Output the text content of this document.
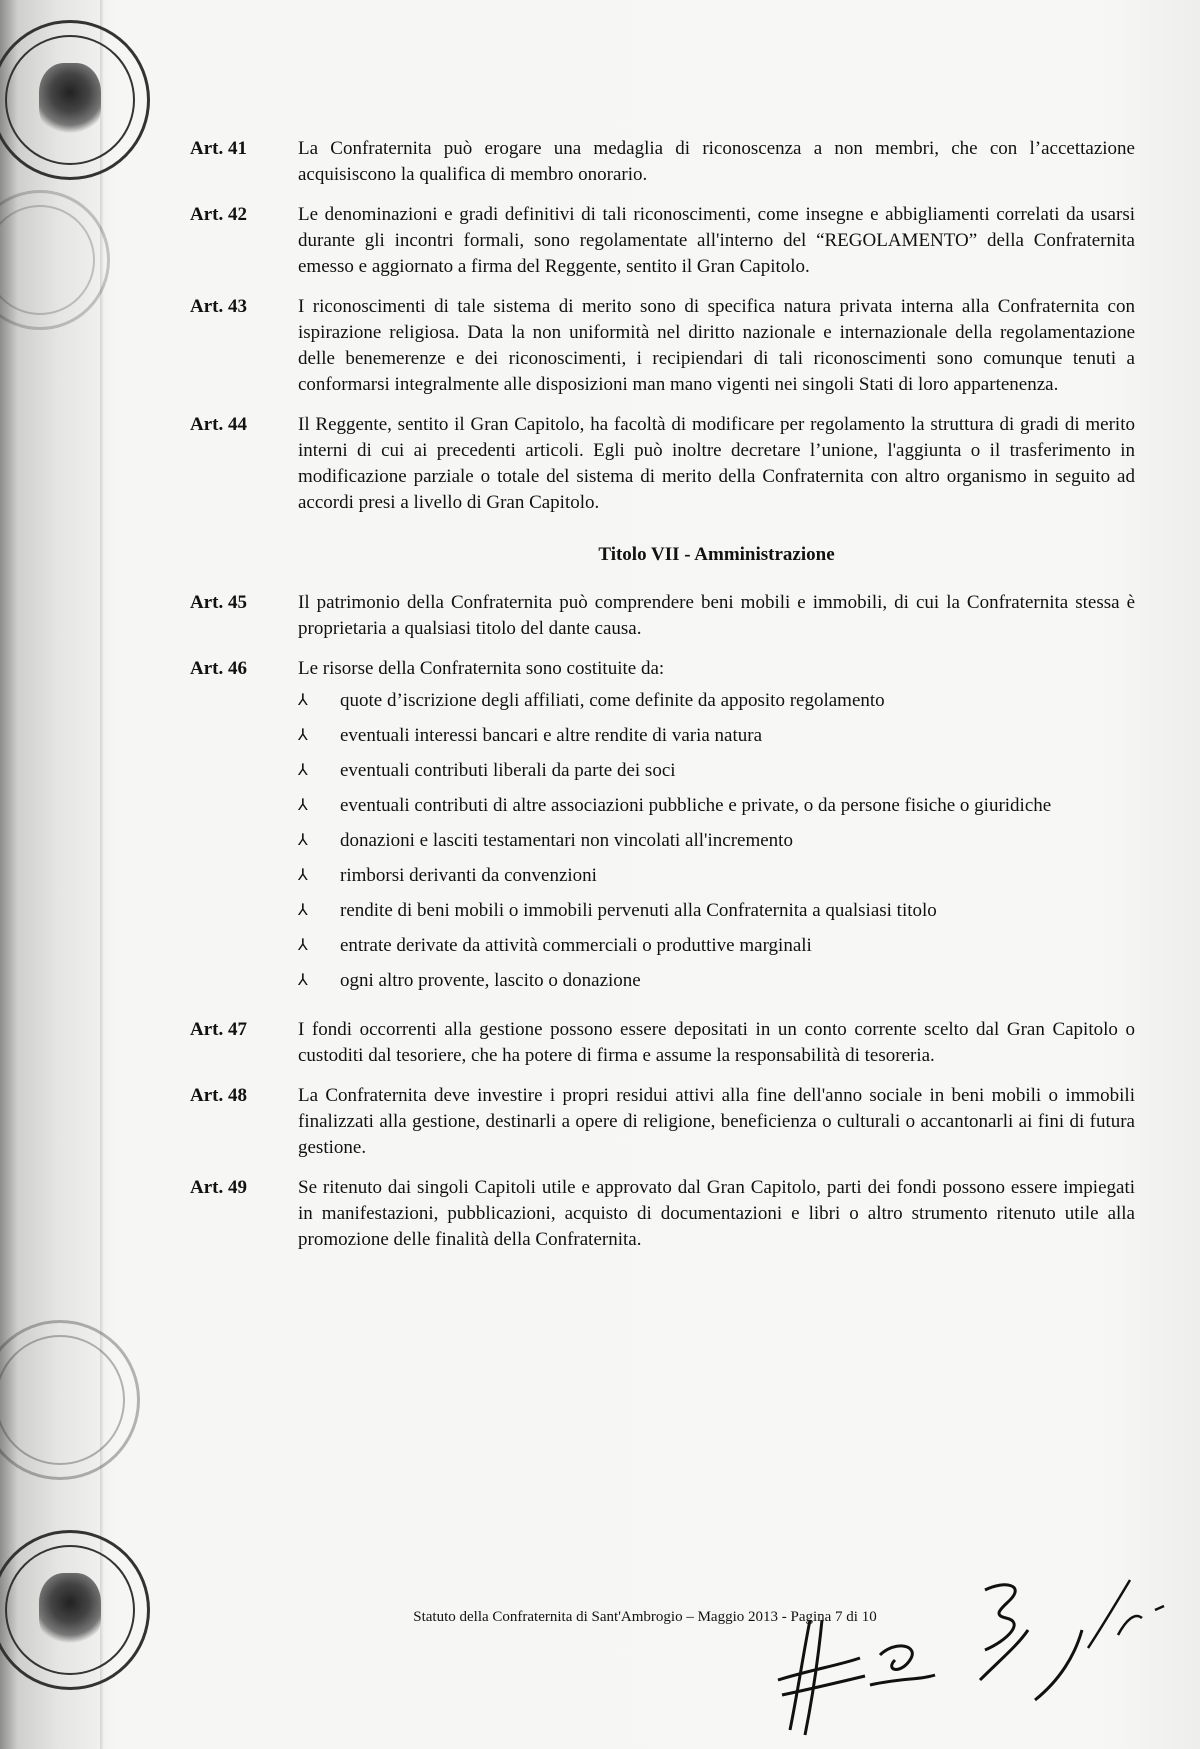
Art. 41	La Confraternita può erogare una medaglia di riconoscenza a non membri, che con l’accettazione acquisiscono la qualifica di membro onorario.
Art. 42	Le denominazioni e gradi definitivi di tali riconoscimenti, come insegne e abbigliamenti correlati da usarsi durante gli incontri formali, sono regolamentate all'interno del “REGOLAMENTO” della Confraternita emesso e aggiornato a firma del Reggente, sentito il Gran Capitolo.
Art. 43	I riconoscimenti di tale sistema di merito sono di specifica natura privata interna alla Confraternita con ispirazione religiosa. Data la non uniformità nel diritto nazionale e internazionale della regolamentazione delle benemerenze e dei riconoscimenti, i recipiendari di tali riconoscimenti sono comunque tenuti a conformarsi integralmente alle disposizioni man mano vigenti nei singoli Stati di loro appartenenza.
Art. 44	Il Reggente, sentito il Gran Capitolo, ha facoltà di modificare per regolamento la struttura di gradi di merito interni di cui ai precedenti articoli. Egli può inoltre decretare l’unione, l'aggiunta o il trasferimento in modificazione parziale o totale del sistema di merito della Confraternita con altro organismo in seguito ad accordi presi a livello di Gran Capitolo.
Titolo VII - Amministrazione
Art. 45	Il patrimonio della Confraternita può comprendere beni mobili e immobili, di cui la Confraternita stessa è proprietaria a qualsiasi titolo del dante causa.
Art. 46	Le risorse della Confraternita sono costituite da:
⅄	quote d’iscrizione degli affiliati, come definite da apposito regolamento
⅄	eventuali interessi bancari e altre rendite di varia natura
⅄	eventuali contributi liberali da parte dei soci
⅄	eventuali contributi di altre associazioni pubbliche e private, o da persone fisiche o giuridiche
⅄	donazioni e lasciti testamentari non vincolati all'incremento
⅄	rimborsi derivanti da convenzioni
⅄	rendite di beni mobili o immobili pervenuti alla Confraternita a qualsiasi titolo
⅄	entrate derivate da attività commerciali o produttive marginali
⅄	ogni altro provente, lascito o donazione
Art. 47	I fondi occorrenti alla gestione possono essere depositati in un conto corrente scelto dal Gran Capitolo o custoditi dal tesoriere, che ha potere di firma e assume la responsabilità di tesoreria.
Art. 48	La Confraternita deve investire i propri residui attivi alla fine dell'anno sociale in beni mobili o immobili finalizzati alla gestione, destinarli a opere di religione, beneficienza o culturali o accantonarli ai fini di futura gestione.
Art. 49	Se ritenuto dai singoli Capitoli utile e approvato dal Gran Capitolo, parti dei fondi possono essere impiegati in manifestazioni, pubblicazioni, acquisto di documentazioni e libri o altro strumento ritenuto utile alla promozione delle finalità della Confraternita.
Statuto della Confraternita di Sant'Ambrogio – Maggio 2013 - Pagina 7 di 10
